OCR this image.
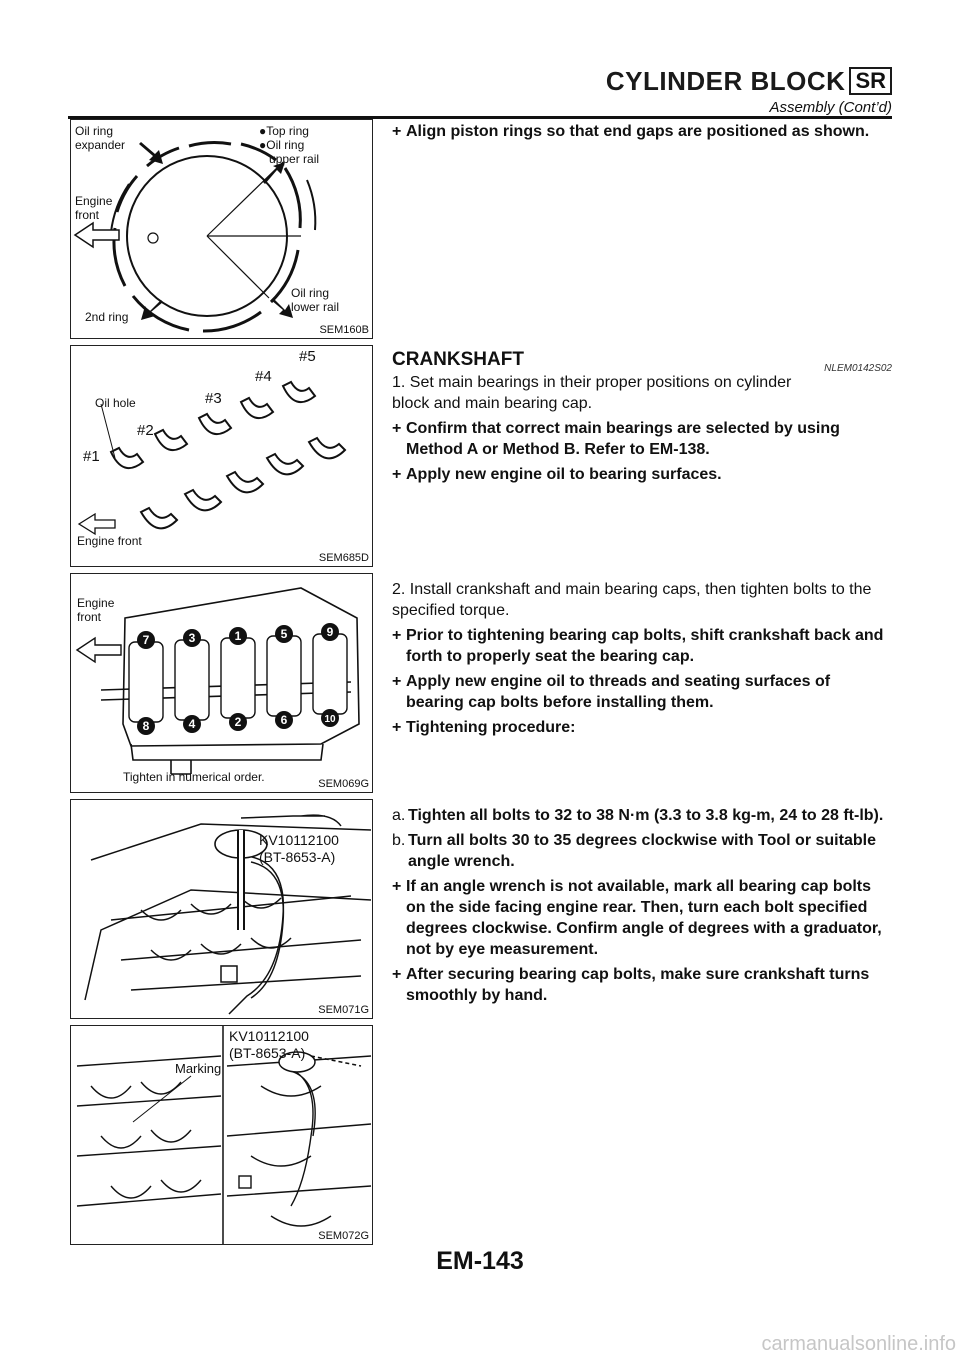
CYLINDER BLOCK SR
Assembly (Cont’d)
Oil ring
expander
●Top ring
●Oil ring
upper rail
Engine
front
Oil ring
lower rail
2nd ring
SEM160B
#5
#4
#3
#2
#1
Oil hole
Engine front
SEM685D
7	3	1	5	9
8	4	2	6	10
Engine
front
Tighten in numerical order.	SEM069G
KV10112100
(BT-8653-A)
SEM071G
KV10112100
(BT-8653-A)
Marking
SEM072G
+ Align piston rings so that end gaps are positioned as shown.
CRANKSHAFT	NLEM0142S02
1. Set main bearings in their proper positions on cylinder block and main bearing cap.
+ Confirm that correct main bearings are selected by using Method A or Method B. Refer to EM-138.
+ Apply new engine oil to bearing surfaces.
2. Install crankshaft and main bearing caps, then tighten bolts to the specified torque.
+ Prior to tightening bearing cap bolts, shift crankshaft back and forth to properly seat the bearing cap.
+ Apply new engine oil to threads and seating surfaces of bearing cap bolts before installing them.
+ Tightening procedure:
a. Tighten all bolts to 32 to 38 N·m (3.3 to 3.8 kg-m, 24 to 28 ft-lb).
b. Turn all bolts 30 to 35 degrees clockwise with Tool or suitable angle wrench.
+ If an angle wrench is not available, mark all bearing cap bolts on the side facing engine rear. Then, turn each bolt specified degrees clockwise. Confirm angle of degrees with a graduator, not by eye measurement.
+ After securing bearing cap bolts, make sure crankshaft turns smoothly by hand.
EM-143
carmanualsonline.info
